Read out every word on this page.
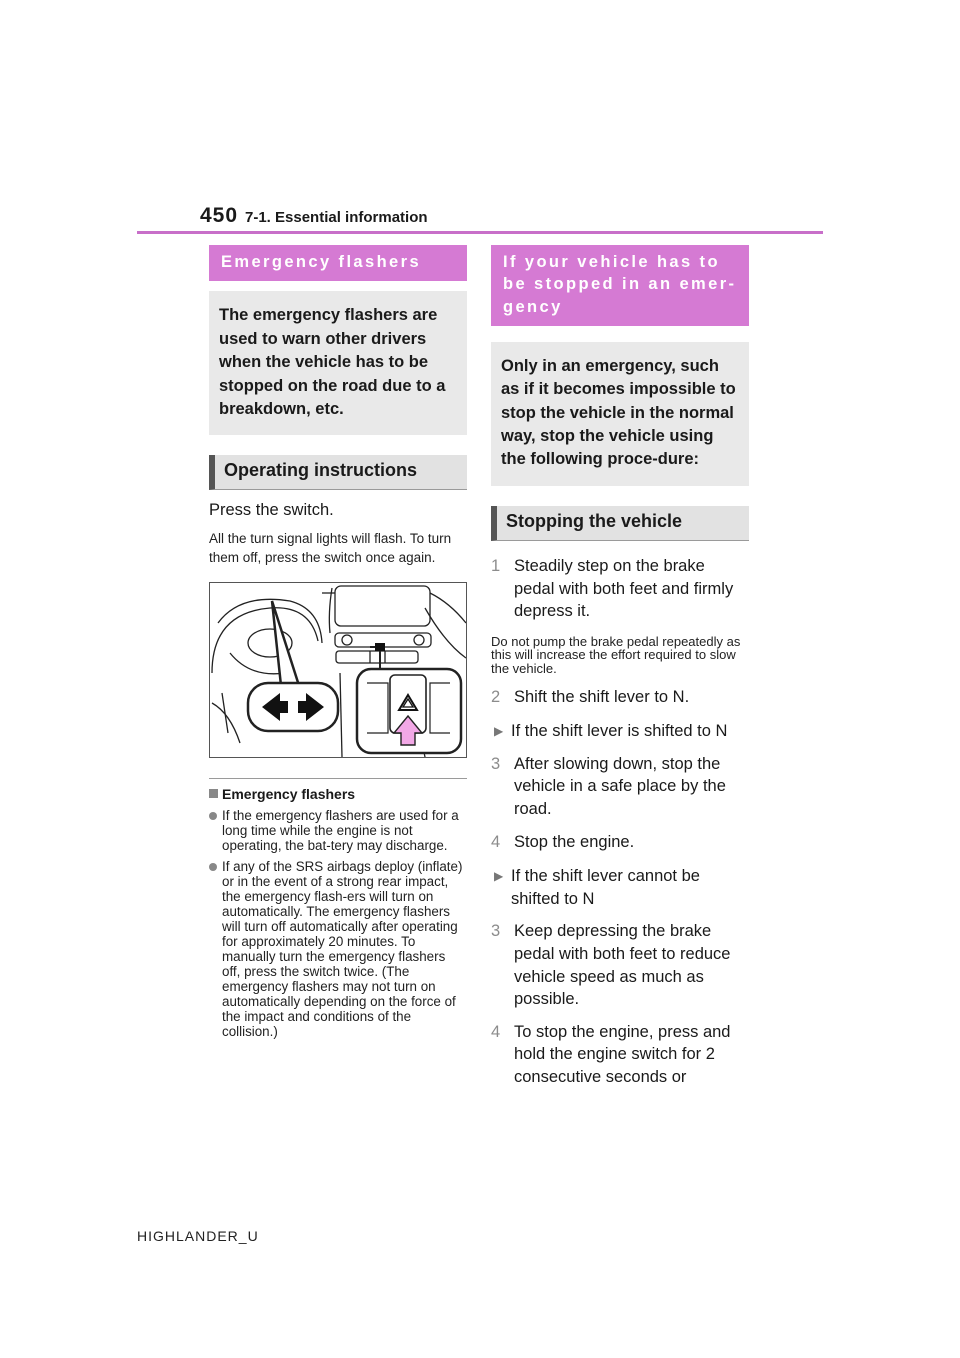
450 7-1. Essential information
Emergency flashers
The emergency flashers are used to warn other drivers when the vehicle has to be stopped on the road due to a breakdown, etc.
Operating instructions
Press the switch.
All the turn signal lights will flash. To turn them off, press the switch once again.
Emergency flashers
If the emergency flashers are used for a long time while the engine is not operating, the bat-tery may discharge.
If any of the SRS airbags deploy (inflate) or in the event of a strong rear impact, the emergency flash-ers will turn on automatically. The emergency flashers will turn off automatically after operating for approximately 20 minutes. To manually turn the emergency flashers off, press the switch twice. (The emergency flashers may not turn on automatically depending on the force of the impact and conditions of the collision.)
If your vehicle has to be stopped in an emer-gency
Only in an emergency, such as if it becomes impossible to stop the vehicle in the normal way, stop the vehicle using the following proce-dure:
Stopping the vehicle
1 Steadily step on the brake pedal with both feet and firmly depress it.
Do not pump the brake pedal repeatedly as this will increase the effort required to slow the vehicle.
2 Shift the shift lever to N.
▶ If the shift lever is shifted to N
3 After slowing down, stop the vehicle in a safe place by the road.
4 Stop the engine.
▶ If the shift lever cannot be shifted to N
3 Keep depressing the brake pedal with both feet to reduce vehicle speed as much as possible.
4 To stop the engine, press and hold the engine switch for 2 consecutive seconds or
HIGHLANDER_U
